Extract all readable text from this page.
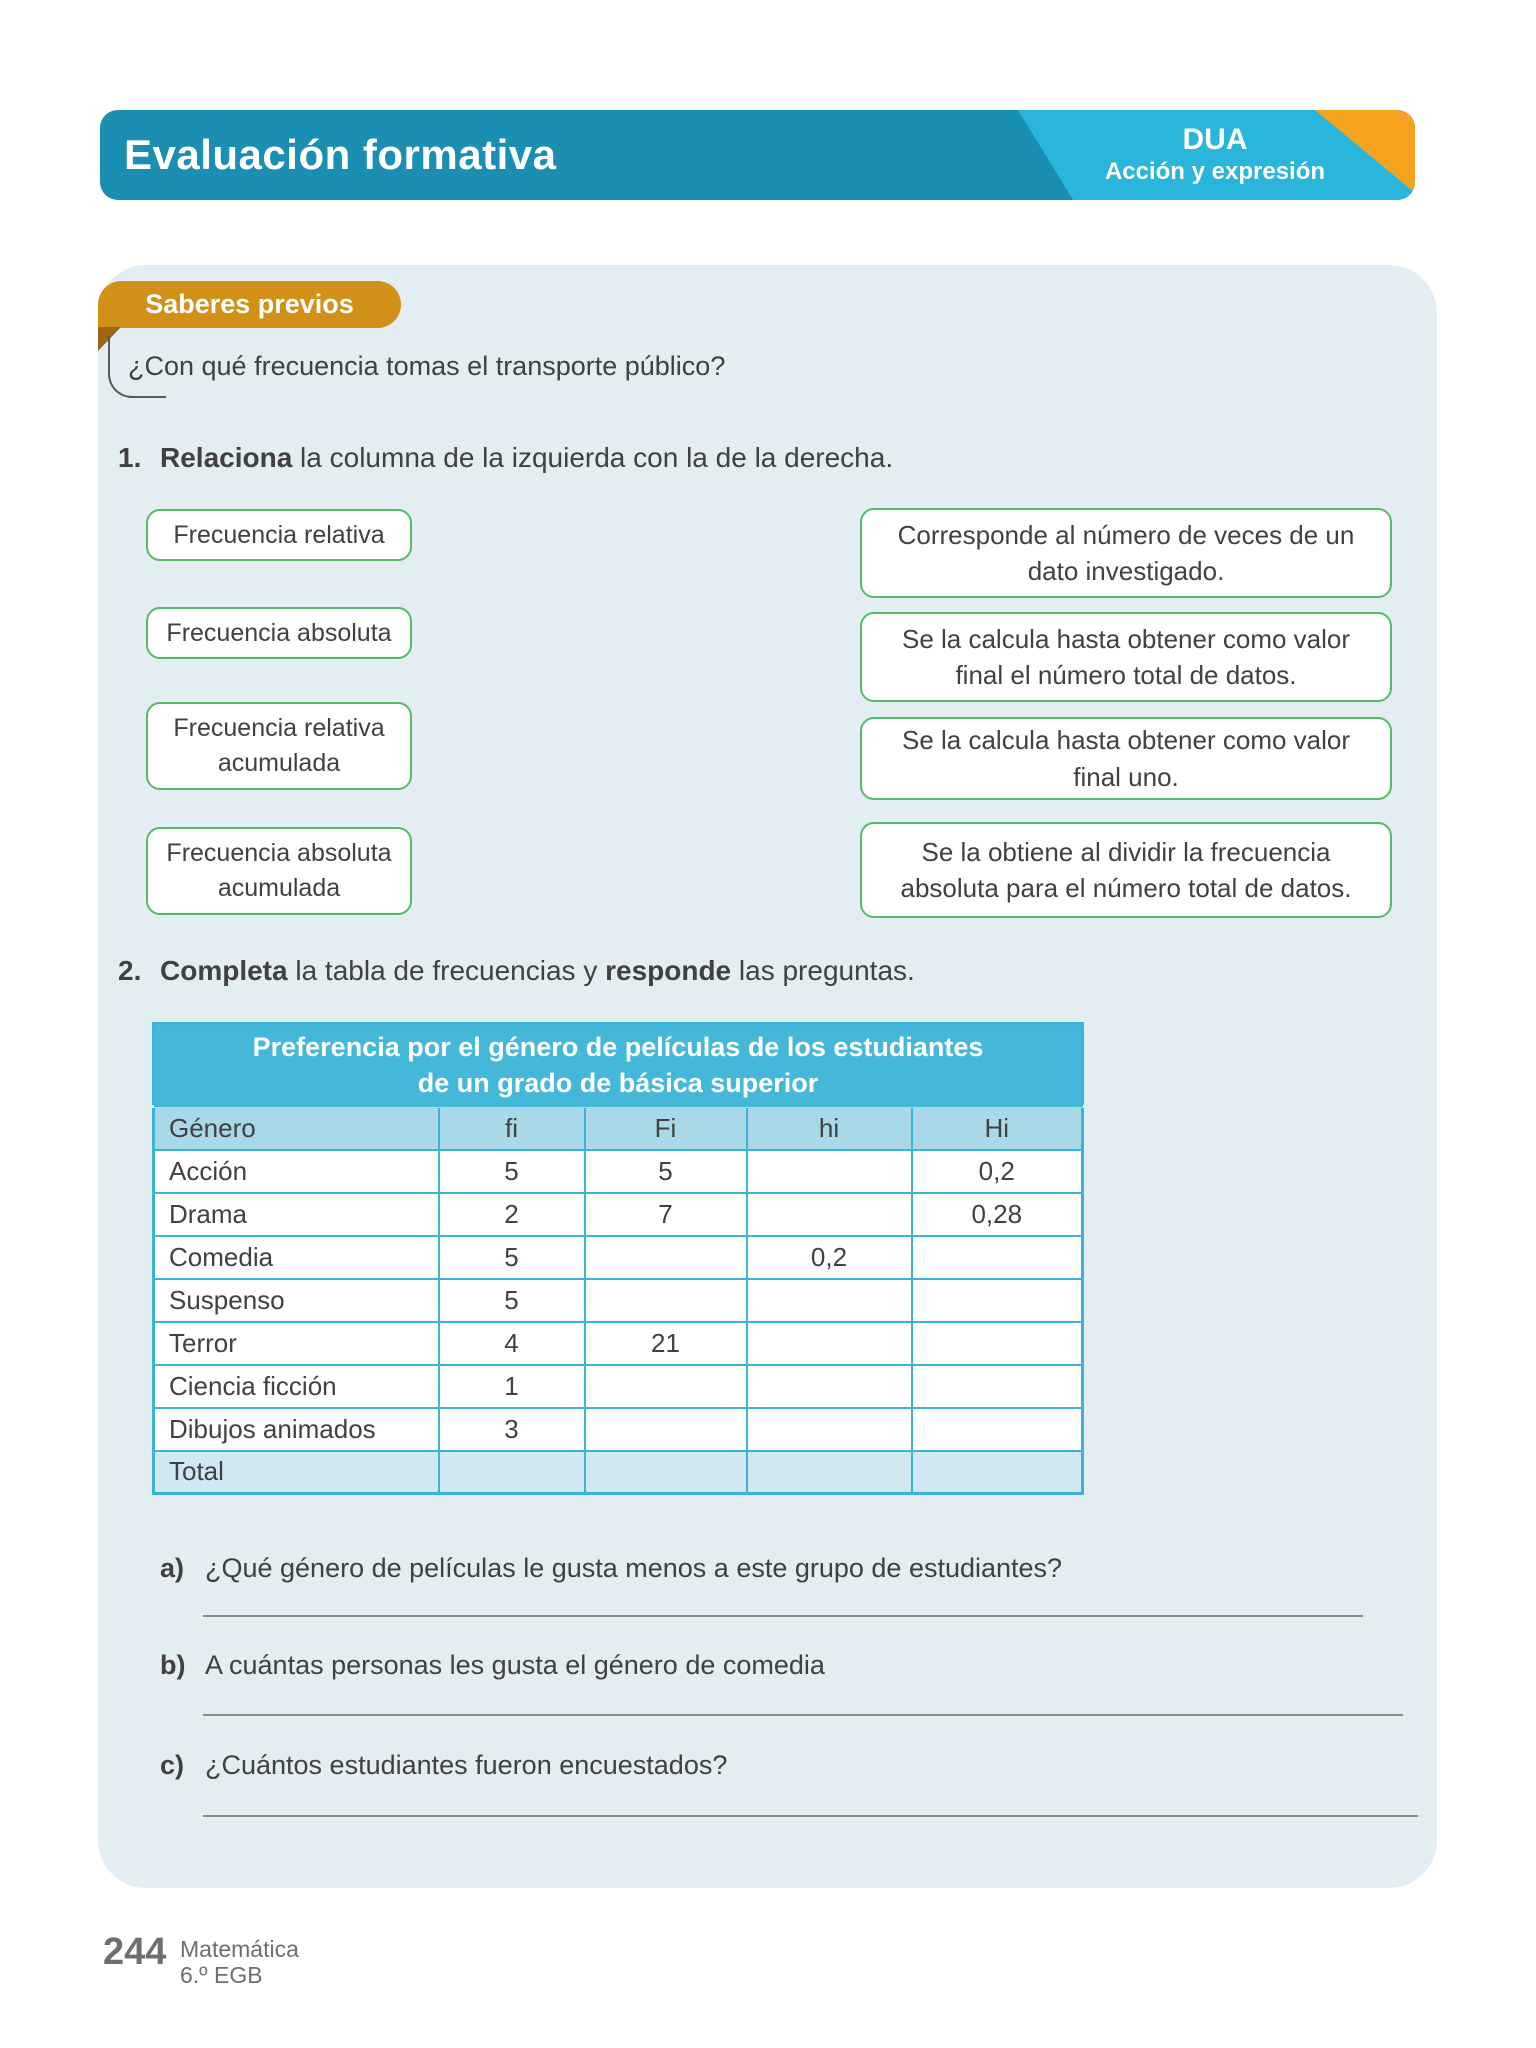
Evaluación formativa	DUA
Acción y expresión
Saberes previos
¿Con qué frecuencia tomas el transporte público?
1. Relaciona la columna de la izquierda con la de la derecha.
Frecuencia relativa
Frecuencia absoluta
Frecuencia relativa acumulada
Frecuencia absoluta acumulada
Corresponde al número de veces de un dato investigado.
Se la calcula hasta obtener como valor final el número total de datos.
Se la calcula hasta obtener como valor final uno.
Se la obtiene al dividir la frecuencia absoluta para el número total de datos.
2. Completa la tabla de frecuencias y responde las preguntas.
Preferencia por el género de películas de los estudiantes
de un grado de básica superior				

Género	fi	Fi	hi	Hi
Acción	5	5		0,2
Drama	2	7		0,28
Comedia	5		0,2	
Suspenso	5			
Terror	4	21		
Ciencia ficción	1			
Dibujos animados	3			
Total				
a) ¿Qué género de películas le gusta menos a este grupo de estudiantes?
b) A cuántas personas les gusta el género de comedia
c) ¿Cuántos estudiantes fueron encuestados?
244 Matemática
6.º EGB
